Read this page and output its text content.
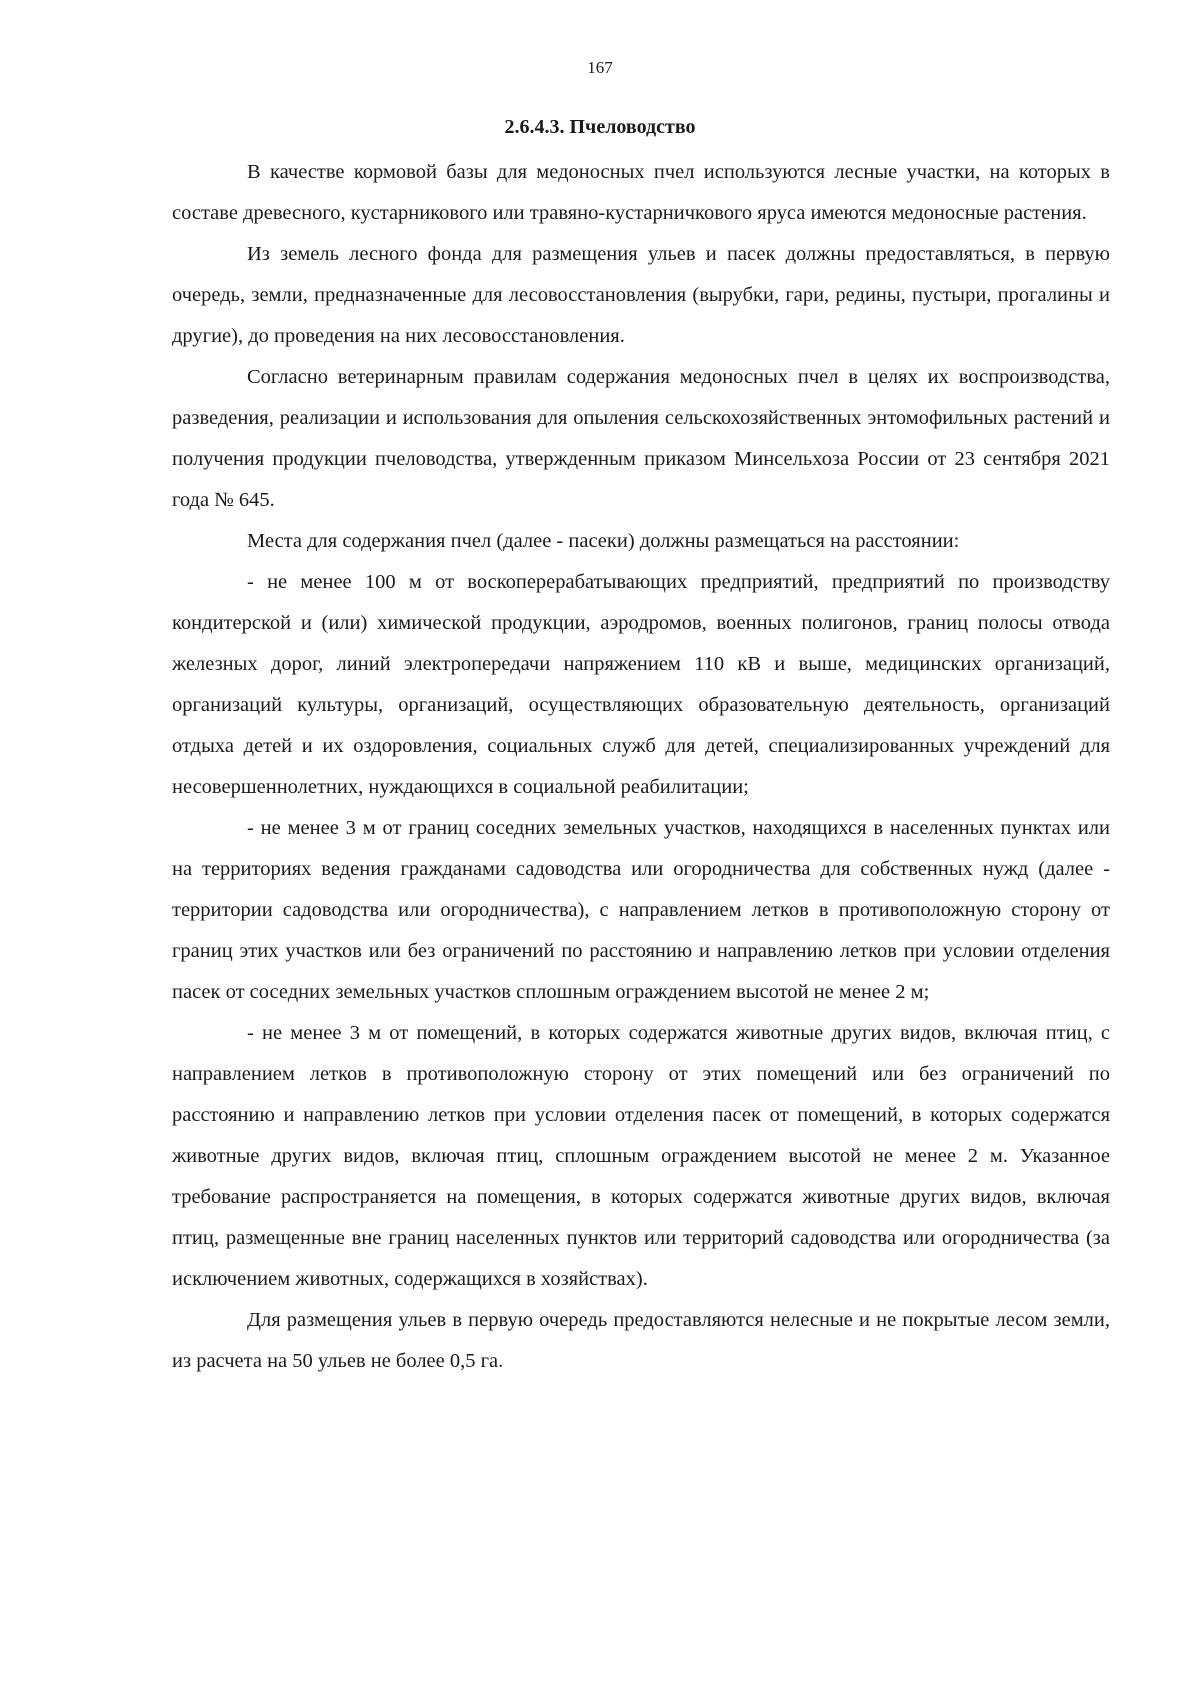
167
2.6.4.3. Пчеловодство

В качестве кормовой базы для медоносных пчел используются лесные участки, на которых в составе древесного, кустарникового или травяно-кустарничкового яруса имеются медоносные растения.

Из земель лесного фонда для размещения ульев и пасек должны предоставляться, в первую очередь, земли, предназначенные для лесовосстановления (вырубки, гари, редины, пустыри, прогалины и другие), до проведения на них лесовосстановления.

Согласно ветеринарным правилам содержания медоносных пчел в целях их воспроизводства, разведения, реализации и использования для опыления сельскохозяйственных энтомофильных растений и получения продукции пчеловодства, утвержденным приказом Минсельхоза России от 23 сентября 2021 года № 645.

Места для содержания пчел (далее - пасеки) должны размещаться на расстоянии:

- не менее 100 м от воскоперерабатывающих предприятий, предприятий по производству кондитерской и (или) химической продукции, аэродромов, военных полигонов, границ полосы отвода железных дорог, линий электропередачи напряжением 110 кВ и выше, медицинских организаций, организаций культуры, организаций, осуществляющих образовательную деятельность, организаций отдыха детей и их оздоровления, социальных служб для детей, специализированных учреждений для несовершеннолетних, нуждающихся в социальной реабилитации;

- не менее 3 м от границ соседних земельных участков, находящихся в населенных пунктах или на территориях ведения гражданами садоводства или огородничества для собственных нужд (далее - территории садоводства или огородничества), с направлением летков в противоположную сторону от границ этих участков или без ограничений по расстоянию и направлению летков при условии отделения пасек от соседних земельных участков сплошным ограждением высотой не менее 2 м;

- не менее 3 м от помещений, в которых содержатся животные других видов, включая птиц, с направлением летков в противоположную сторону от этих помещений или без ограничений по расстоянию и направлению летков при условии отделения пасек от помещений, в которых содержатся животные других видов, включая птиц, сплошным ограждением высотой не менее 2 м. Указанное требование распространяется на помещения, в которых содержатся животные других видов, включая птиц, размещенные вне границ населенных пунктов или территорий садоводства или огородничества (за исключением животных, содержащихся в хозяйствах).

Для размещения ульев в первую очередь предоставляются нелесные и не покрытые лесом земли, из расчета на 50 ульев не более 0,5 га.
